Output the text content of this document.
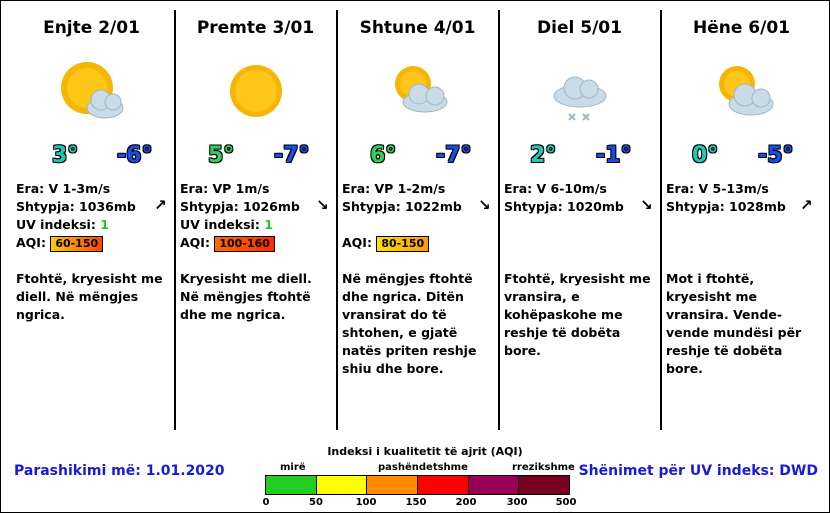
Enjte 2/01
3° -6°
Era: V 1-3m/s
Shtypja: 1036mb
UV indeksi: 1
AQI: 60-150
Ftohtë, kryesisht me diell. Në mëngjes ngrica.
↗
Premte 3/01
5° -7°
Era: VP 1m/s
Shtypja: 1026mb
UV indeksi: 1
AQI: 100-160
Kryesisht me diell. Në mëngjes ftohtë dhe me ngrica.
↘
Shtune 4/01
6° -7°
Era: VP 1-2m/s
Shtypja: 1022mb
AQI: 80-150
Në mëngjes ftohtë dhe ngrica. Ditën vransirat do të shtohen, e gjatë natës priten reshje shiu dhe bore.
↘
Diel 5/01
2° -1°
Era: V 6-10m/s
Shtypja: 1020mb
Ftohtë, kryesisht me vransira, e kohëpaskohe me reshje të dobëta bore.
↘
Hëne 6/01
0° -5°
Era: V 5-13m/s
Shtypja: 1028mb
Mot i ftohtë, kryesisht me vransira. Vende-vende mundësi për reshje të dobëta bore.
↗
Parashikimi më: 1.01.2020	Shënimet për UV indeks: DWD
Indeksi i kualitetit të ajrit (AQI)
mirë	pashëndetshme	rrezikshme
0	50	100	150	200	300	500
